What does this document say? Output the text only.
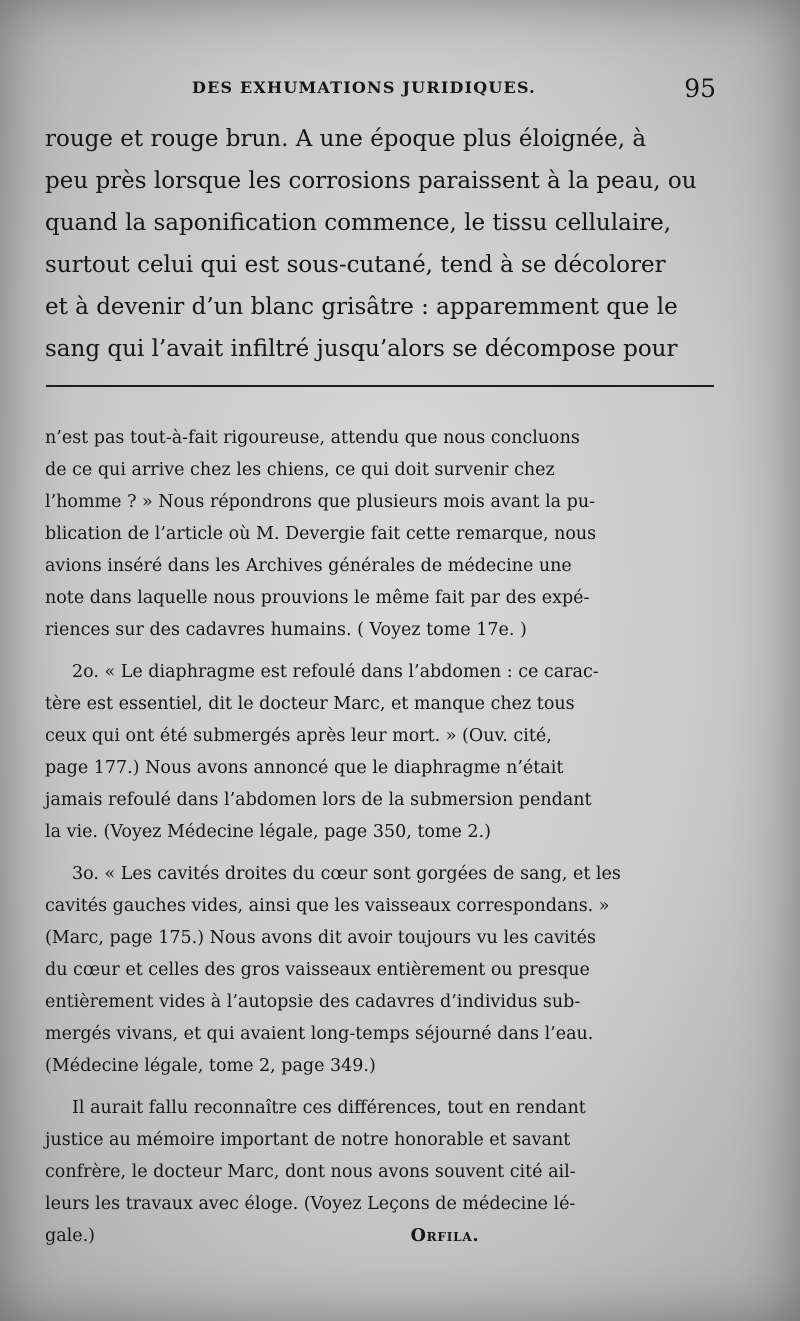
DES EXHUMATIONS JURIDIQUES.	95
rouge et rouge brun. A une époque plus éloignée, à
peu près lorsque les corrosions paraissent à la peau, ou
quand la saponification commence, le tissu cellulaire,
surtout celui qui est sous-cutané, tend à se décolorer
et à devenir d’un blanc grisâtre : apparemment que le
sang qui l’avait infiltré jusqu’alors se décompose pour
n’est pas tout-à-fait rigoureuse, attendu que nous concluons
de ce qui arrive chez les chiens, ce qui doit survenir chez
l’homme ? » Nous répondrons que plusieurs mois avant la pu-
blication de l’article où M. Devergie fait cette remarque, nous
avions inséré dans les Archives générales de médecine une
note dans laquelle nous prouvions le même fait par des expé-
riences sur des cadavres humains. ( Voyez tome 17e. )
2o. « Le diaphragme est refoulé dans l’abdomen : ce carac-
tère est essentiel, dit le docteur Marc, et manque chez tous
ceux qui ont été submergés après leur mort. » (Ouv. cité,
page 177.) Nous avons annoncé que le diaphragme n’était
jamais refoulé dans l’abdomen lors de la submersion pendant
la vie. (Voyez Médecine légale, page 350, tome 2.)
3o. « Les cavités droites du cœur sont gorgées de sang, et les
cavités gauches vides, ainsi que les vaisseaux correspondans. »
(Marc, page 175.) Nous avons dit avoir toujours vu les cavités
du cœur et celles des gros vaisseaux entièrement ou presque
entièrement vides à l’autopsie des cadavres d’individus sub-
mergés vivans, et qui avaient long-temps séjourné dans l’eau.
(Médecine légale, tome 2, page 349.)
Il aurait fallu reconnaître ces différences, tout en rendant
justice au mémoire important de notre honorable et savant
confrère, le docteur Marc, dont nous avons souvent cité ail-
leurs les travaux avec éloge. (Voyez Leçons de médecine lé-
gale.)	Orfila.
